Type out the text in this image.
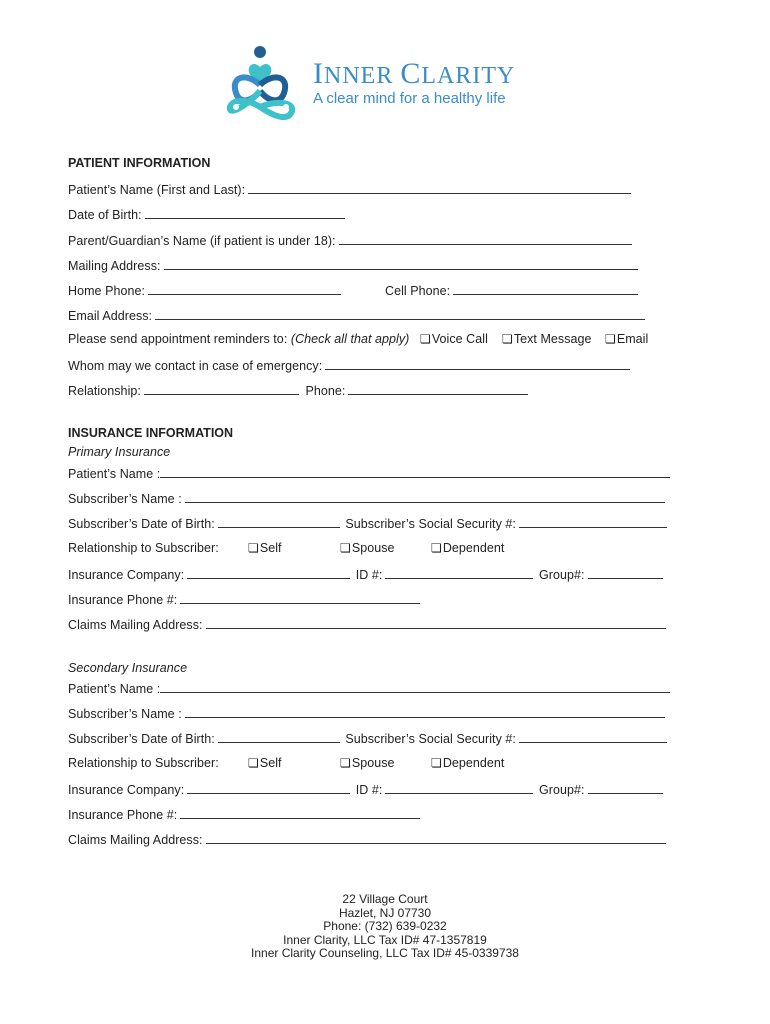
INNER CLARITY
A clear mind for a healthy life
PATIENT INFORMATION
Patient’s Name (First and Last):
Date of Birth:
Parent/Guardian’s Name (if patient is under 18):
Mailing Address:
Home Phone:	Cell Phone:
Email Address:
Please send appointment reminders to: (Check all that apply)	❏ Voice Call	❏ Text Message	❏ Email
Whom may we contact in case of emergency:
Relationship:	Phone:
INSURANCE INFORMATION
Primary Insurance
Patient’s Name :
Subscriber’s Name :
Subscriber’s Date of Birth:	Subscriber’s Social Security #:
Relationship to Subscriber:	❏ Self	❏ Spouse	❏ Dependent
Insurance Company:	ID #:	Group#:
Insurance Phone #:
Claims Mailing Address:
Secondary Insurance
Patient’s Name :
Subscriber’s Name :
Subscriber’s Date of Birth:	Subscriber’s Social Security #:
Relationship to Subscriber:	❏ Self	❏ Spouse	❏ Dependent
Insurance Company:	ID #:	Group#:
Insurance Phone #:
Claims Mailing Address:
22 Village Court
Hazlet, NJ 07730
Phone: (732) 639-0232
Inner Clarity, LLC Tax ID# 47-1357819
Inner Clarity Counseling, LLC Tax ID# 45-0339738
